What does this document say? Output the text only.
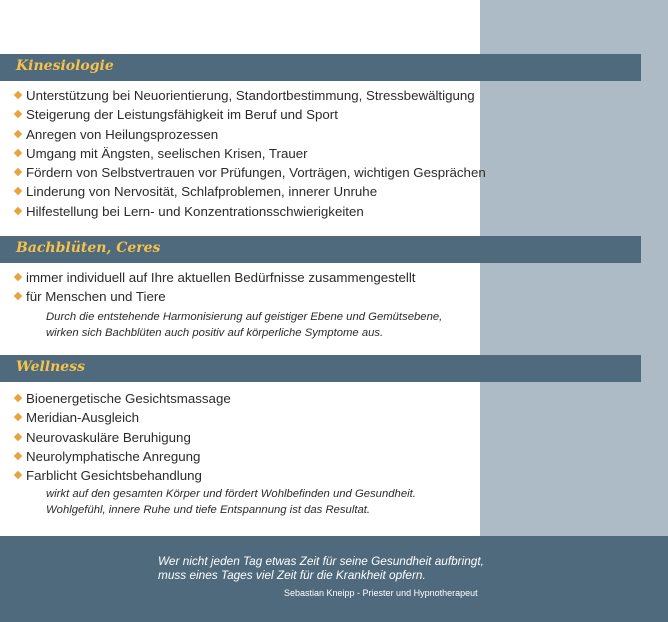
Kinesiologie
Unterstützung bei Neuorientierung, Standortbestimmung, Stressbewältigung
Steigerung der Leistungsfähigkeit im Beruf und Sport
Anregen von Heilungsprozessen
Umgang mit Ängsten, seelischen Krisen, Trauer
Fördern von Selbstvertrauen vor Prüfungen, Vorträgen, wichtigen Gesprächen
Linderung von Nervosität, Schlafproblemen, innerer Unruhe
Hilfestellung bei Lern- und Konzentrationsschwierigkeiten
Bachblüten, Ceres
immer individuell auf Ihre aktuellen Bedürfnisse zusammengestellt
für Menschen und Tiere
Durch die entstehende Harmonisierung auf geistiger Ebene und Gemütsebene,
wirken sich Bachblüten auch positiv auf körperliche Symptome aus.
Wellness
Bioenergetische Gesichtsmassage
Meridian-Ausgleich
Neurovaskuläre Beruhigung
Neurolymphatische Anregung
Farblicht Gesichtsbehandlung
wirkt auf den gesamten Körper und fördert Wohlbefinden und Gesundheit.
Wohlgefühl, innere Ruhe und tiefe Entspannung ist das Resultat.
Wer nicht jeden Tag etwas Zeit für seine Gesundheit aufbringt,
muss eines Tages viel Zeit für die Krankheit opfern.
Sebastian Kneipp - Priester und Hypnotherapeut
